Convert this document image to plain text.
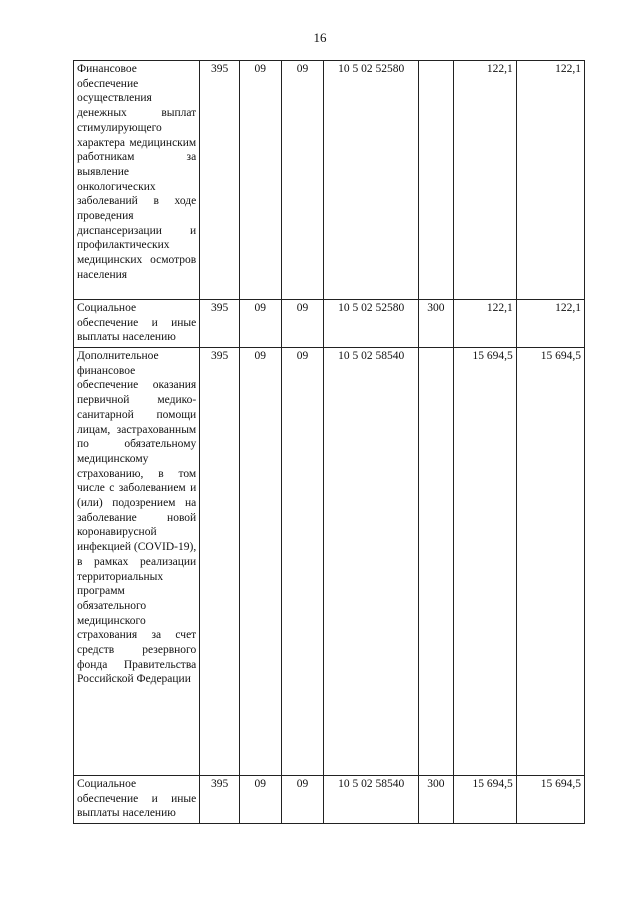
16
Финансовое обеспечение осуществления денежных выплат стимулирующего характера медицинским работникам за выявление онкологических заболеваний в ходе проведения диспансеризации и профилактических медицинских осмотров населения	395	09	09	10 5 02 52580		122,1	122,1
Социальное обеспечение и иные выплаты населению	395	09	09	10 5 02 52580	300	122,1	122,1
Дополнительное финансовое обеспечение оказания первичной медико-санитарной помощи лицам, застрахованным по обязательному медицинскому страхованию, в том числе с заболеванием и (или) подозрением на заболевание новой коронавирусной инфекцией (COVID-19), в рамках реализации территориальных программ обязательного медицинского страхования за счет средств резервного фонда Правительства Российской Федерации	395	09	09	10 5 02 58540		15 694,5	15 694,5
Социальное обеспечение и иные выплаты населению	395	09	09	10 5 02 58540	300	15 694,5	15 694,5
